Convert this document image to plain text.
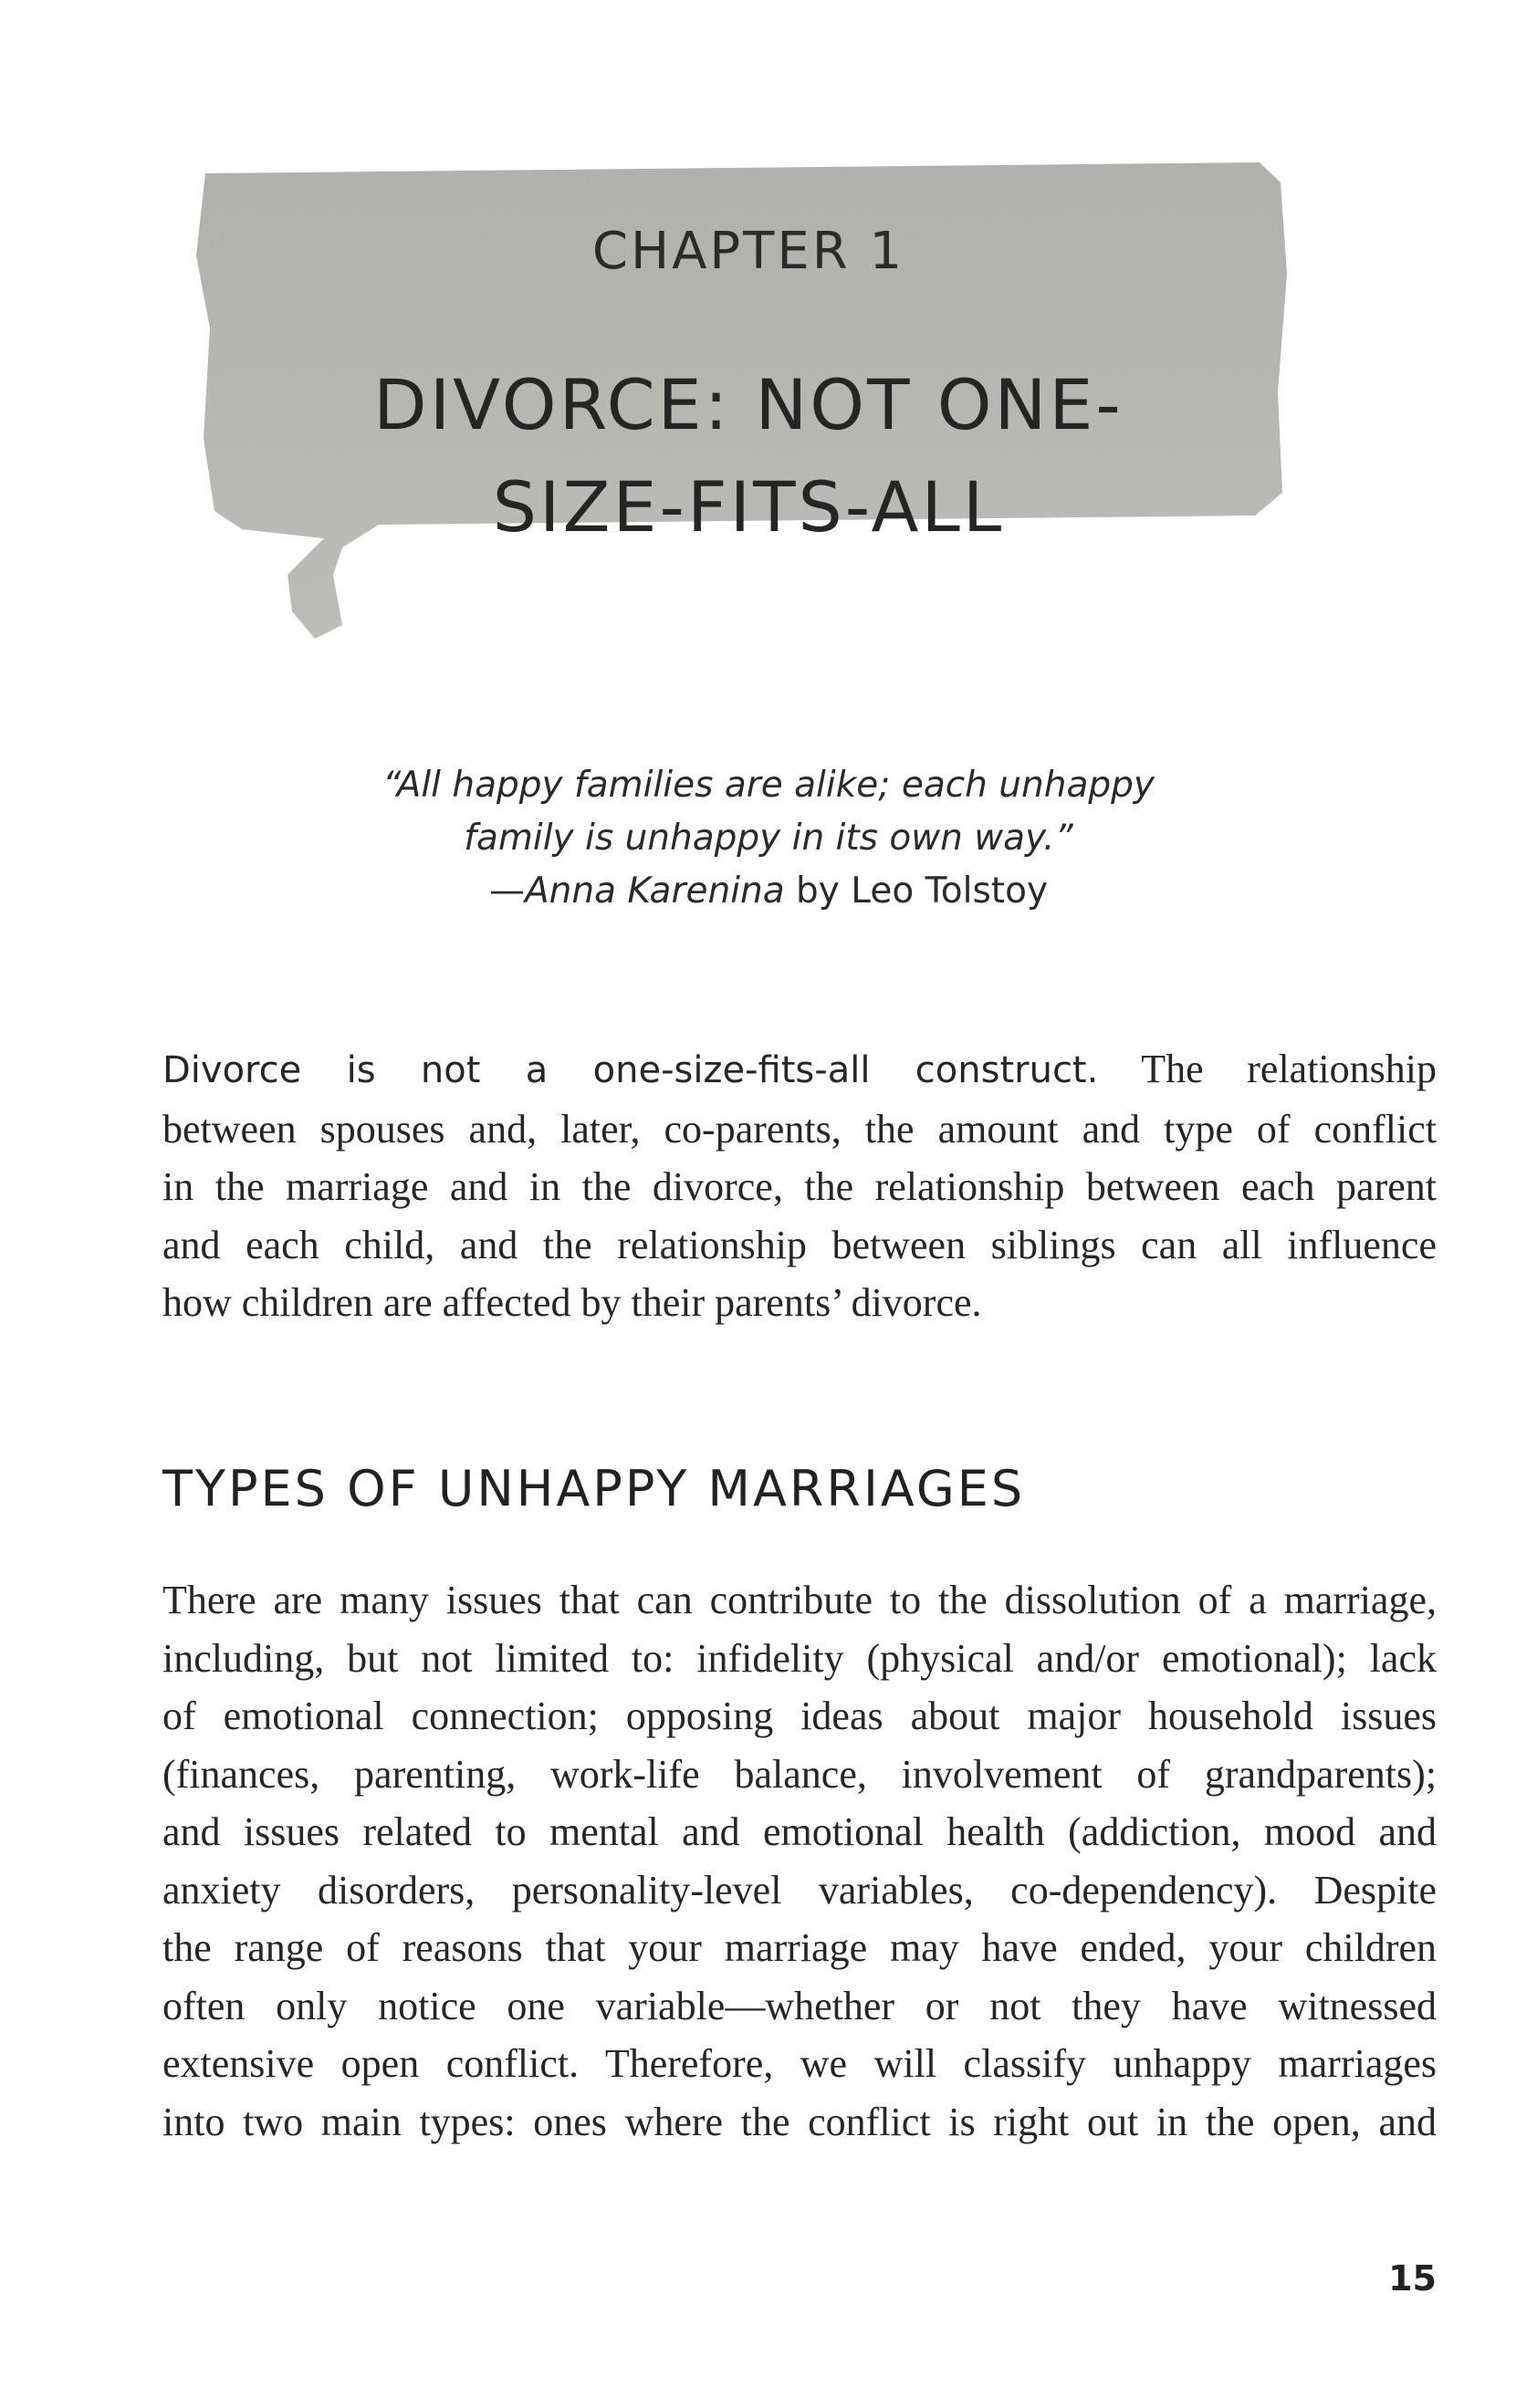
CHAPTER 1
DIVORCE: NOT ONE-
SIZE-FITS-ALL
“All happy families are alike; each unhappy
family is unhappy in its own way.”
—Anna Karenina by Leo Tolstoy
Divorce is not a one-size-fits-all construct. The relationship
between spouses and, later, co-parents, the amount and type of conflict
in the marriage and in the divorce, the relationship between each parent
and each child, and the relationship between siblings can all influence
how children are affected by their parents’ divorce.
TYPES OF UNHAPPY MARRIAGES
There are many issues that can contribute to the dissolution of a marriage,
including, but not limited to: infidelity (physical and/or emotional); lack
of emotional connection; opposing ideas about major household issues
(finances, parenting, work-life balance, involvement of grandparents);
and issues related to mental and emotional health (addiction, mood and
anxiety disorders, personality-level variables, co-dependency). Despite
the range of reasons that your marriage may have ended, your children
often only notice one variable—whether or not they have witnessed
extensive open conflict. Therefore, we will classify unhappy marriages
into two main types: ones where the conflict is right out in the open, and
15
